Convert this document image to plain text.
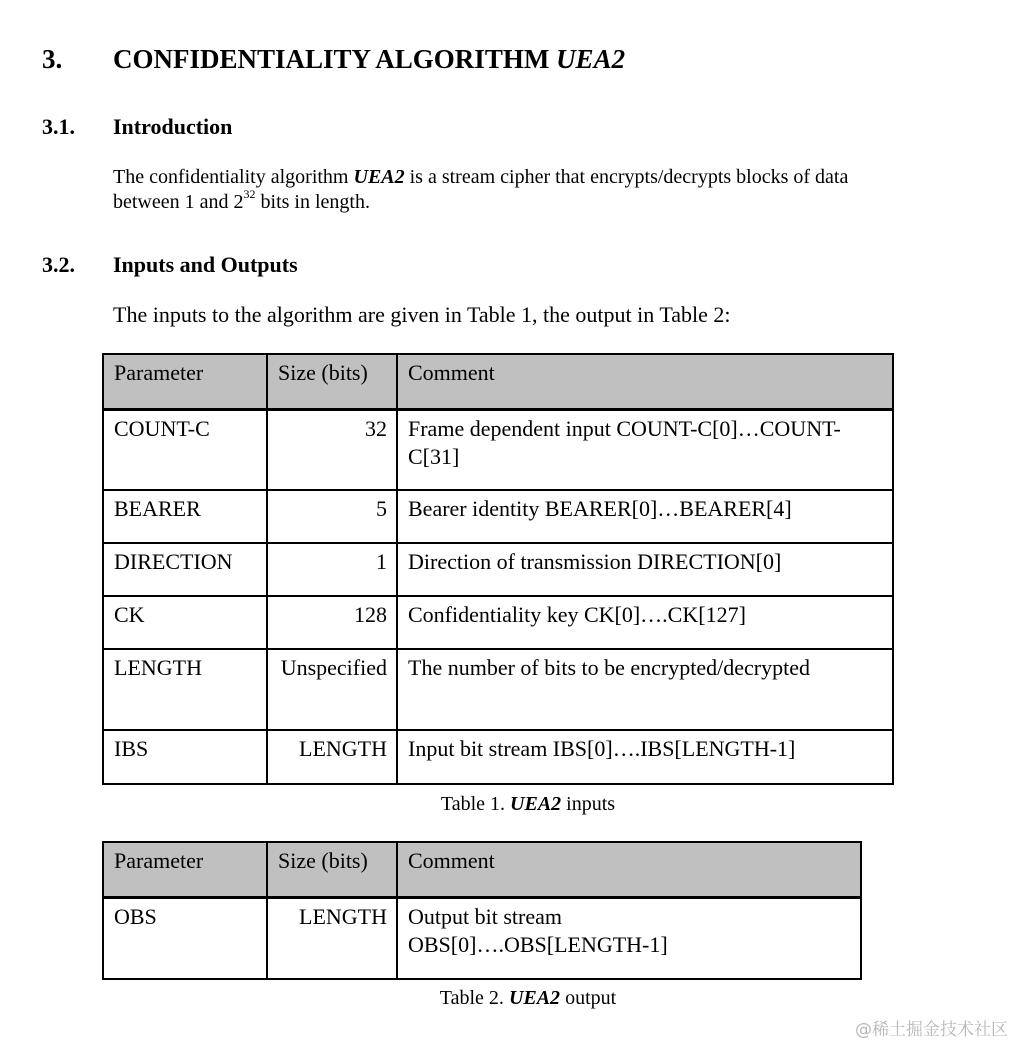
3. CONFIDENTIALITY ALGORITHM UEA2
3.1. Introduction
The confidentiality algorithm UEA2 is a stream cipher that encrypts/decrypts blocks of data
between 1 and $2^{32}$ bits in length.
3.2. Inputs and Outputs
The inputs to the algorithm are given in Table 1, the output in Table 2:
Parameter	Size (bits)	Comment
COUNT-C	32	Frame dependent input COUNT-C[0]…COUNT-C[31]
BEARER	5	Bearer identity BEARER[0]…BEARER[4]
DIRECTION	1	Direction of transmission DIRECTION[0]
CK	128	Confidentiality key CK[0]….CK[127]
LENGTH	Unspecified	The number of bits to be encrypted/decrypted
IBS	LENGTH	Input bit stream IBS[0]….IBS[LENGTH-1]
Table 1. UEA2 inputs
Parameter	Size (bits)	Comment
OBS	LENGTH	Output bit stream OBS[0]….OBS[LENGTH-1]
Table 2. UEA2 output
@稀土掘金技术社区
